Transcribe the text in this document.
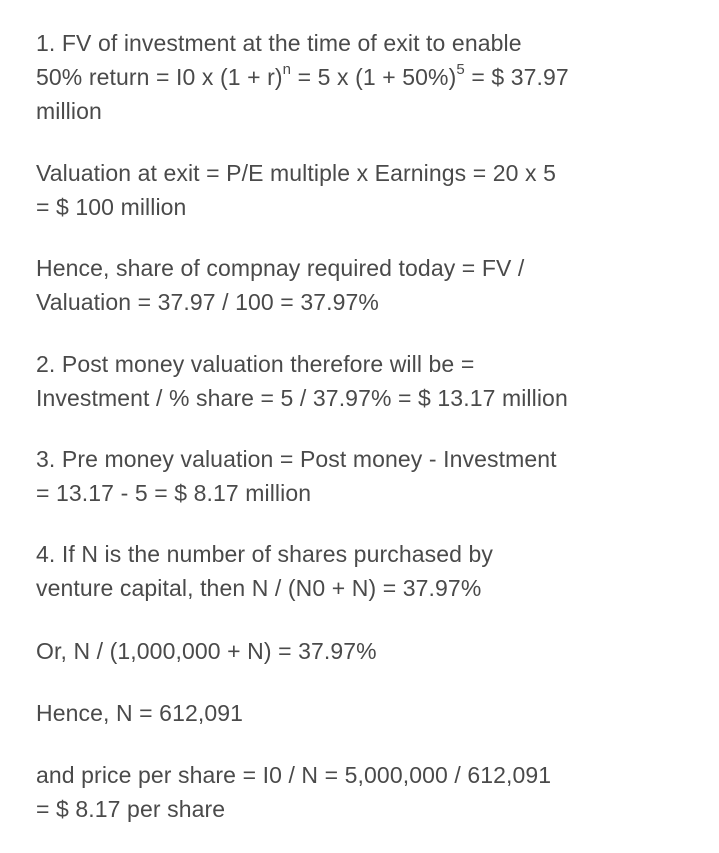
1. FV of investment at the time of exit to enable
50% return = I0 x $(1 + r)^n = 5$ x $(1 + 50\%)^5$ = $ 37.97
million

Valuation at exit = P/E multiple x Earnings = 20 x 5
= $ 100 million

Hence, share of compnay required today = FV /
Valuation = 37.97 / 100 = 37.97%

2. Post money valuation therefore will be =
Investment / % share = 5 / 37.97% = $ 13.17 million

3. Pre money valuation = Post money - Investment
= 13.17 - 5 = $ 8.17 million

4. If N is the number of shares purchased by
venture capital, then N / (N0 + N) = 37.97%

Or, N / (1,000,000 + N) = 37.97%

Hence, N = 612,091

and price per share = I0 / N = 5,000,000 / 612,091
= $ 8.17 per share
